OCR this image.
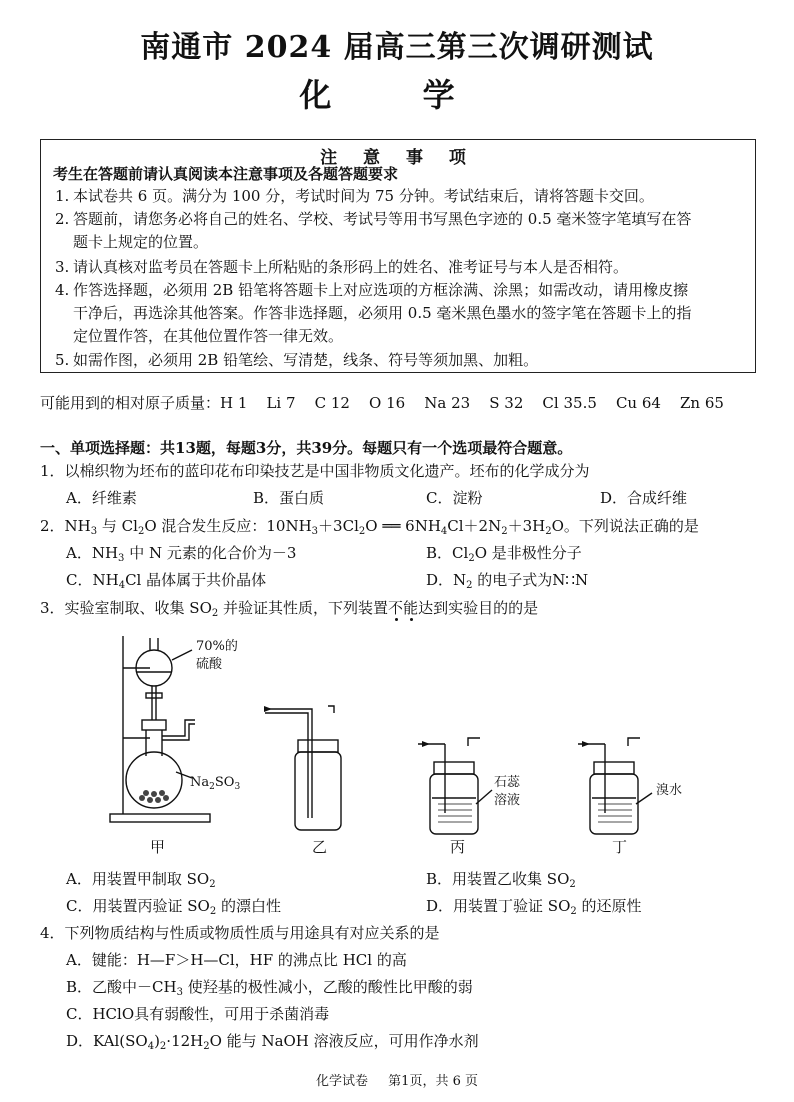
南通市 2024 届高三第三次调研测试
化 学
注 意 事 项
考生在答题前请认真阅读本注意事项及各题答题要求
1. 本试卷共 6 页。满分为 100 分，考试时间为 75 分钟。考试结束后，请将答题卡交回。
2. 答题前，请您务必将自己的姓名、学校、考试号等用书写黑色字迹的 0.5 毫米签字笔填写在答
题卡上规定的位置。
3. 请认真核对监考员在答题卡上所粘贴的条形码上的姓名、准考证号与本人是否相符。
4. 作答选择题，必须用 2B 铅笔将答题卡上对应选项的方框涂满、涂黑；如需改动，请用橡皮擦
干净后，再选涂其他答案。作答非选择题，必须用 0.5 毫米黑色墨水的签字笔在答题卡上的指
定位置作答，在其他位置作答一律无效。
5. 如需作图，必须用 2B 铅笔绘、写清楚，线条、符号等须加黑、加粗。
可能用到的相对原子质量：H 1    Li 7    C 12    O 16    Na 23    S 32    Cl 35.5    Cu 64    Zn 65
一、单项选择题：共13题，每题3分，共39分。每题只有一个选项最符合题意。
1．以棉织物为坯布的蓝印花布印染技艺是中国非物质文化遗产。坯布的化学成分为
A．纤维素	B．蛋白质	C．淀粉	D．合成纤维
2．$NH_3$ 与 $Cl_2O$ 混合发生反应：$10NH_3+3Cl_2O$ ══ $6NH_4Cl+2N_2+3H_2O$。下列说法正确的是
A．$NH_3$ 中 N 元素的化合价为－3	B．$Cl_2O$ 是非极性分子
C．$NH_4Cl$ 晶体属于共价晶体	D．$N_2$ 的电子式为N∷N
3．实验室制取、收集 $SO_2$ 并验证其性质，下列装置不能达到实验目的的是
70%的
硫酸
$Na_2SO_3$	石蕊
溶液
溴水
甲	乙	丙	丁
A．用装置甲制取 $SO_2$	B．用装置乙收集 $SO_2$
C．用装置丙验证 $SO_2$ 的漂白性	D．用装置丁验证 $SO_2$ 的还原性
4．下列物质结构与性质或物质性质与用途具有对应关系的是
A．键能：H—F＞H—Cl，HF 的沸点比 HCl 的高
B．乙酸中$-CH_3$ 使羟基的极性减小，乙酸的酸性比甲酸的弱
C．HClO具有弱酸性，可用于杀菌消毒
D．$KAl(SO_4)_2\cdot 12H_2O$ 能与 NaOH 溶液反应，可用作净水剂
化学试卷 第1页，共 6 页
